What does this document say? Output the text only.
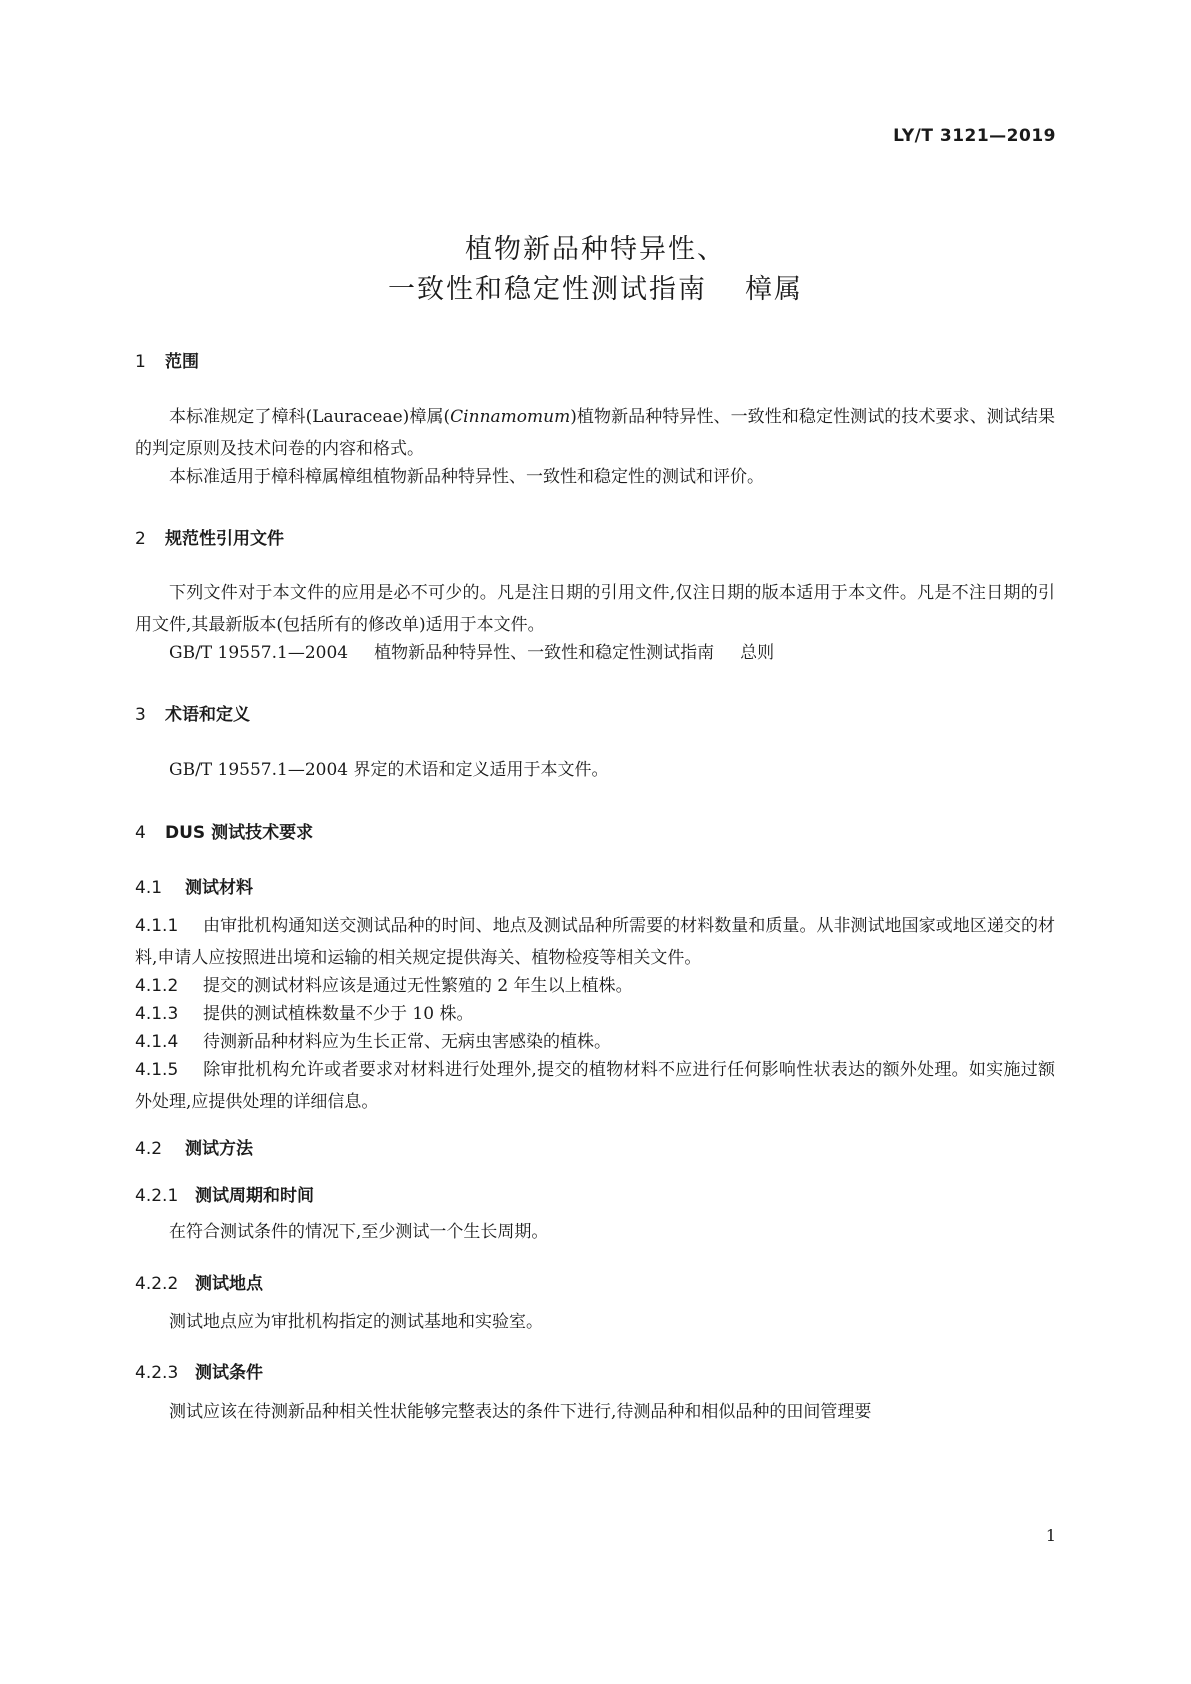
LY/T 3121—2019
植物新品种特异性、
一致性和稳定性测试指南 樟属
1 范围
本标准规定了樟科(Lauraceae)樟属(Cinnamomum)植物新品种特异性、一致性和稳定性测试的技术要求、测试结果的判定原则及技术问卷的内容和格式。
本标准适用于樟科樟属樟组植物新品种特异性、一致性和稳定性的测试和评价。
2 规范性引用文件
下列文件对于本文件的应用是必不可少的。凡是注日期的引用文件,仅注日期的版本适用于本文件。凡是不注日期的引用文件,其最新版本(包括所有的修改单)适用于本文件。
GB/T 19557.1—2004 植物新品种特异性、一致性和稳定性测试指南 总则
3 术语和定义
GB/T 19557.1—2004 界定的术语和定义适用于本文件。
4 DUS 测试技术要求
4.1 测试材料
4.1.1 由审批机构通知送交测试品种的时间、地点及测试品种所需要的材料数量和质量。从非测试地国家或地区递交的材料,申请人应按照进出境和运输的相关规定提供海关、植物检疫等相关文件。
4.1.2 提交的测试材料应该是通过无性繁殖的 2 年生以上植株。
4.1.3 提供的测试植株数量不少于 10 株。
4.1.4 待测新品种材料应为生长正常、无病虫害感染的植株。
4.1.5 除审批机构允许或者要求对材料进行处理外,提交的植物材料不应进行任何影响性状表达的额外处理。如实施过额外处理,应提供处理的详细信息。
4.2 测试方法
4.2.1 测试周期和时间
在符合测试条件的情况下,至少测试一个生长周期。
4.2.2 测试地点
测试地点应为审批机构指定的测试基地和实验室。
4.2.3 测试条件
测试应该在待测新品种相关性状能够完整表达的条件下进行,待测品种和相似品种的田间管理要
1
